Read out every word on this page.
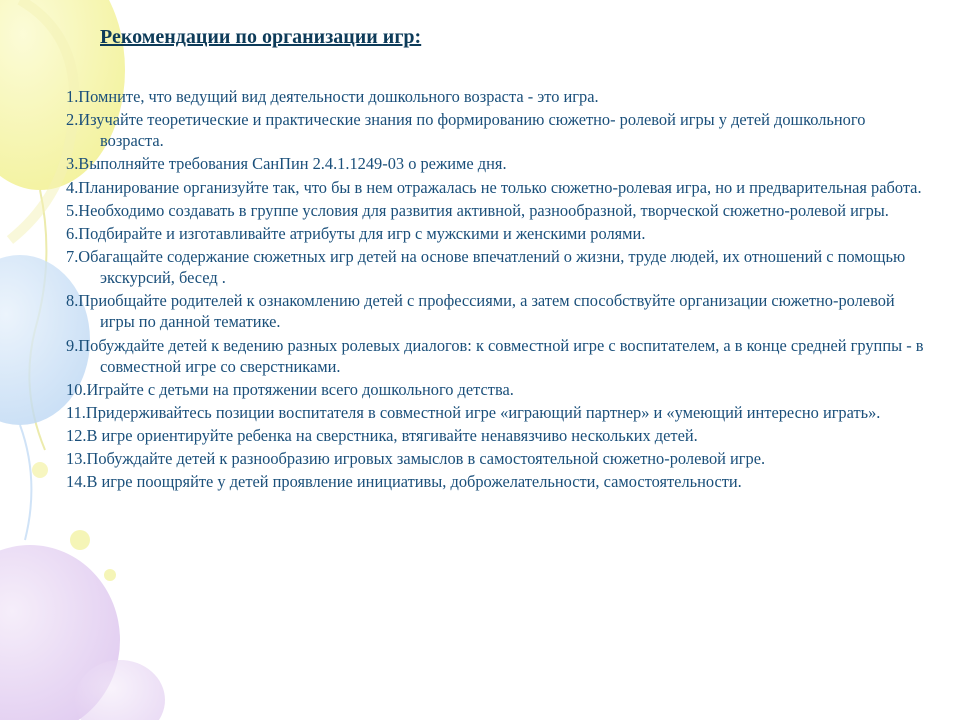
Рекомендации по организации игр:
1.Помните, что ведущий вид деятельности дошкольного возраста - это игра.
2.Изучайте теоретические и практические знания по формированию сюжетно- ролевой игры у детей дошкольного возраста.
3.Выполняйте требования СанПин 2.4.1.1249-03 о режиме дня.
4.Планирование организуйте так, что бы в нем отражалась не только сюжетно-ролевая игра, но и предварительная работа.
5.Необходимо создавать в группе условия для развития активной, разнообразной, творческой сюжетно-ролевой игры.
6.Подбирайте и изготавливайте атрибуты для игр с мужскими и женскими ролями.
7.Обагащайте содержание сюжетных игр детей на основе впечатлений о жизни, труде людей, их отношений с помощью экскурсий, бесед .
8.Приобщайте родителей к ознакомлению детей с профессиями, а затем способствуйте организации сюжетно-ролевой игры по данной тематике.
9.Побуждайте детей к ведению разных ролевых диалогов: к совместной игре с воспитателем, а в конце средней группы - в совместной игре со сверстниками.
10.Играйте с детьми на протяжении всего дошкольного детства.
11.Придерживайтесь позиции воспитателя в совместной игре «играющий партнер» и «умеющий интересно играть».
12.В игре ориентируйте ребенка на сверстника, втягивайте ненавязчиво нескольких детей.
13.Побуждайте детей к разнообразию игровых замыслов в самостоятельной сюжетно-ролевой игре.
14.В игре поощряйте у детей проявление инициативы, доброжелательности, самостоятельности.
